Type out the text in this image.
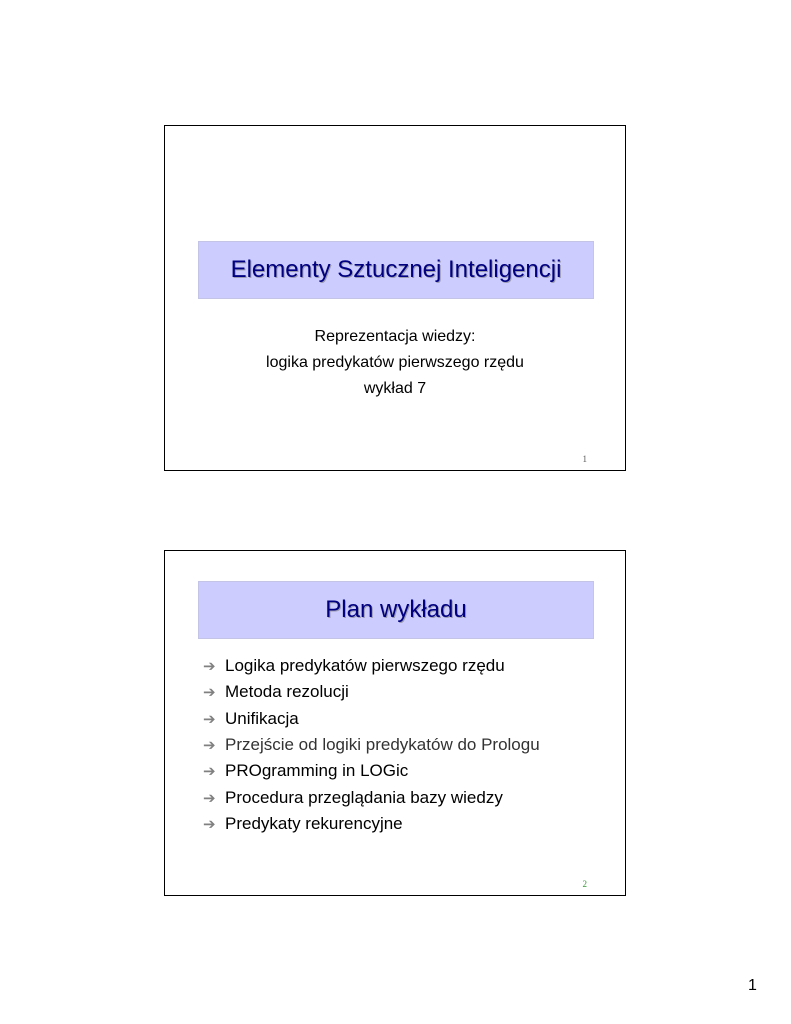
Elementy Sztucznej Inteligencji
Reprezentacja wiedzy:
logika predykatów pierwszego rzędu
wykład 7
1
Plan wykładu
➔ Logika predykatów pierwszego rzędu
➔ Metoda rezolucji
➔ Unifikacja
➔ Przejście od logiki predykatów do Prologu
➔ PROgramming in LOGic
➔ Procedura przeglądania bazy wiedzy
➔ Predykaty rekurencyjne
2
1
